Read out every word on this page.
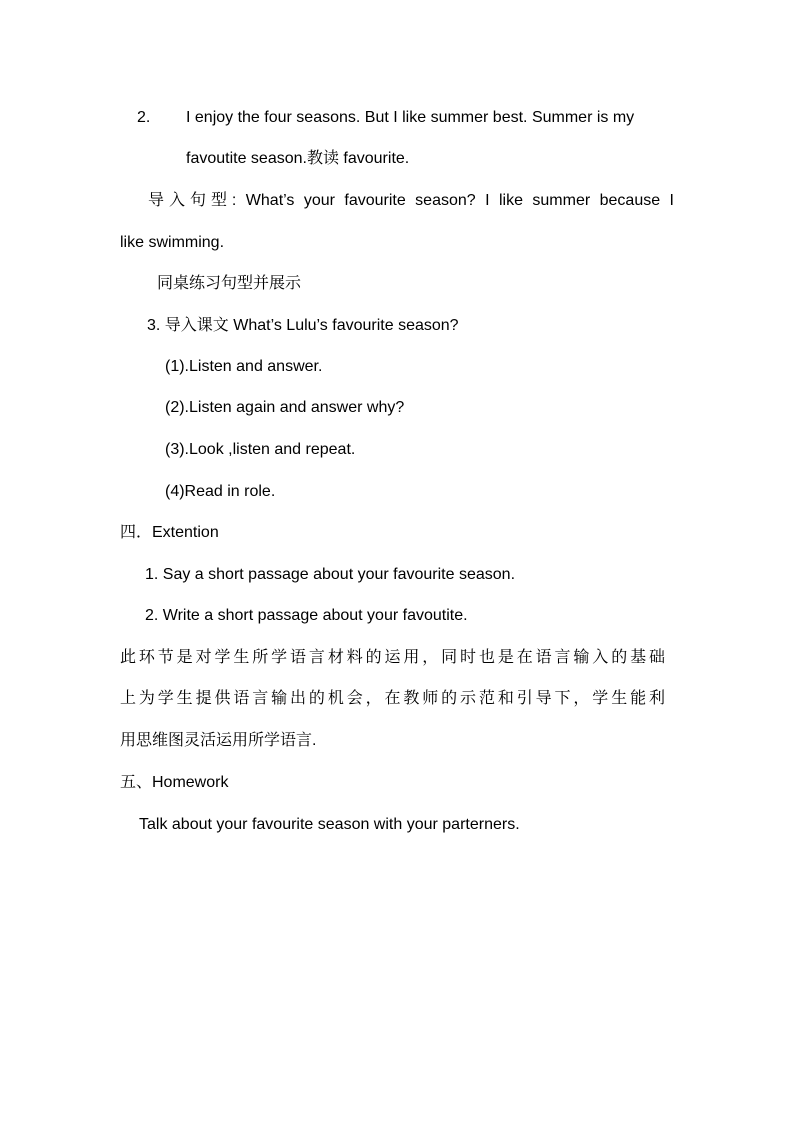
2. I enjoy the four seasons. But I like summer best. Summer is my
favoutite season.教读 favourite.
导入句型: What’s your favourite season? I like summer because I
like swimming.
同桌练习句型并展示
3. 导入课文 What’s Lulu’s favourite season?
(1).Listen and answer.
(2).Listen again and answer why?
(3).Look ,listen and repeat.
(4)Read in role.
四．Extention
1. Say a short passage about your favourite season.
2. Write a short passage about your favoutite.
此环节是对学生所学语言材料的运用，同时也是在语言输入的基础
上为学生提供语言输出的机会，在教师的示范和引导下，学生能利
用思维图灵活运用所学语言.
五、Homework
Talk about your favourite season with your parterners.
